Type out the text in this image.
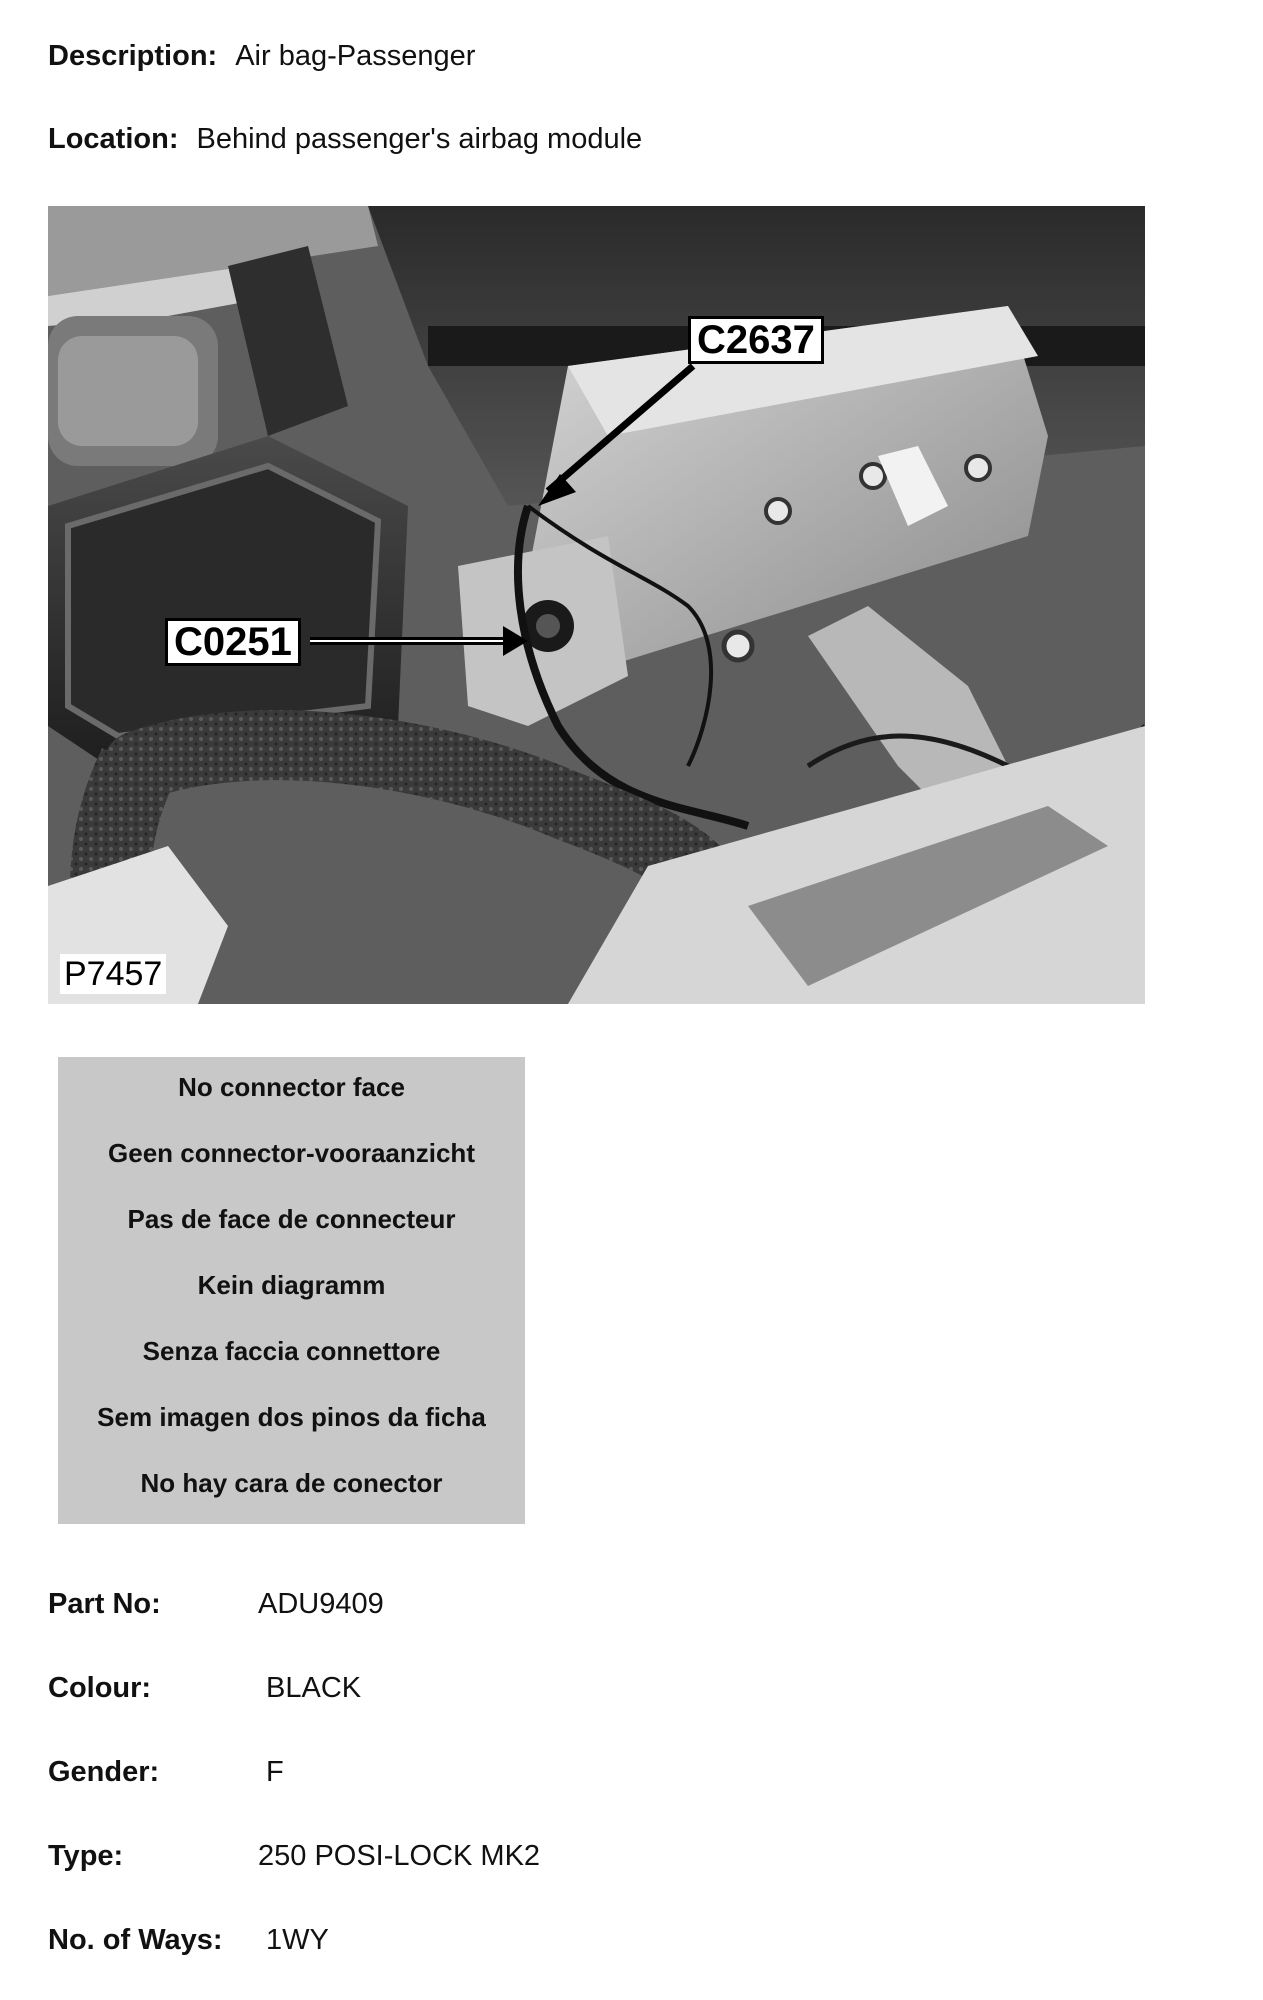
Description: Air bag-Passenger
Location: Behind passenger's airbag module
C2637
C0251
P7457
No connector face
Geen connector-vooraanzicht
Pas de face de connecteur
Kein diagramm
Senza faccia connettore
Sem imagen dos pinos da ficha
No hay cara de conector
Part No:	ADU9409
Colour:	BLACK
Gender:	F
Type:	250 POSI-LOCK MK2
No. of Ways: 1WY
